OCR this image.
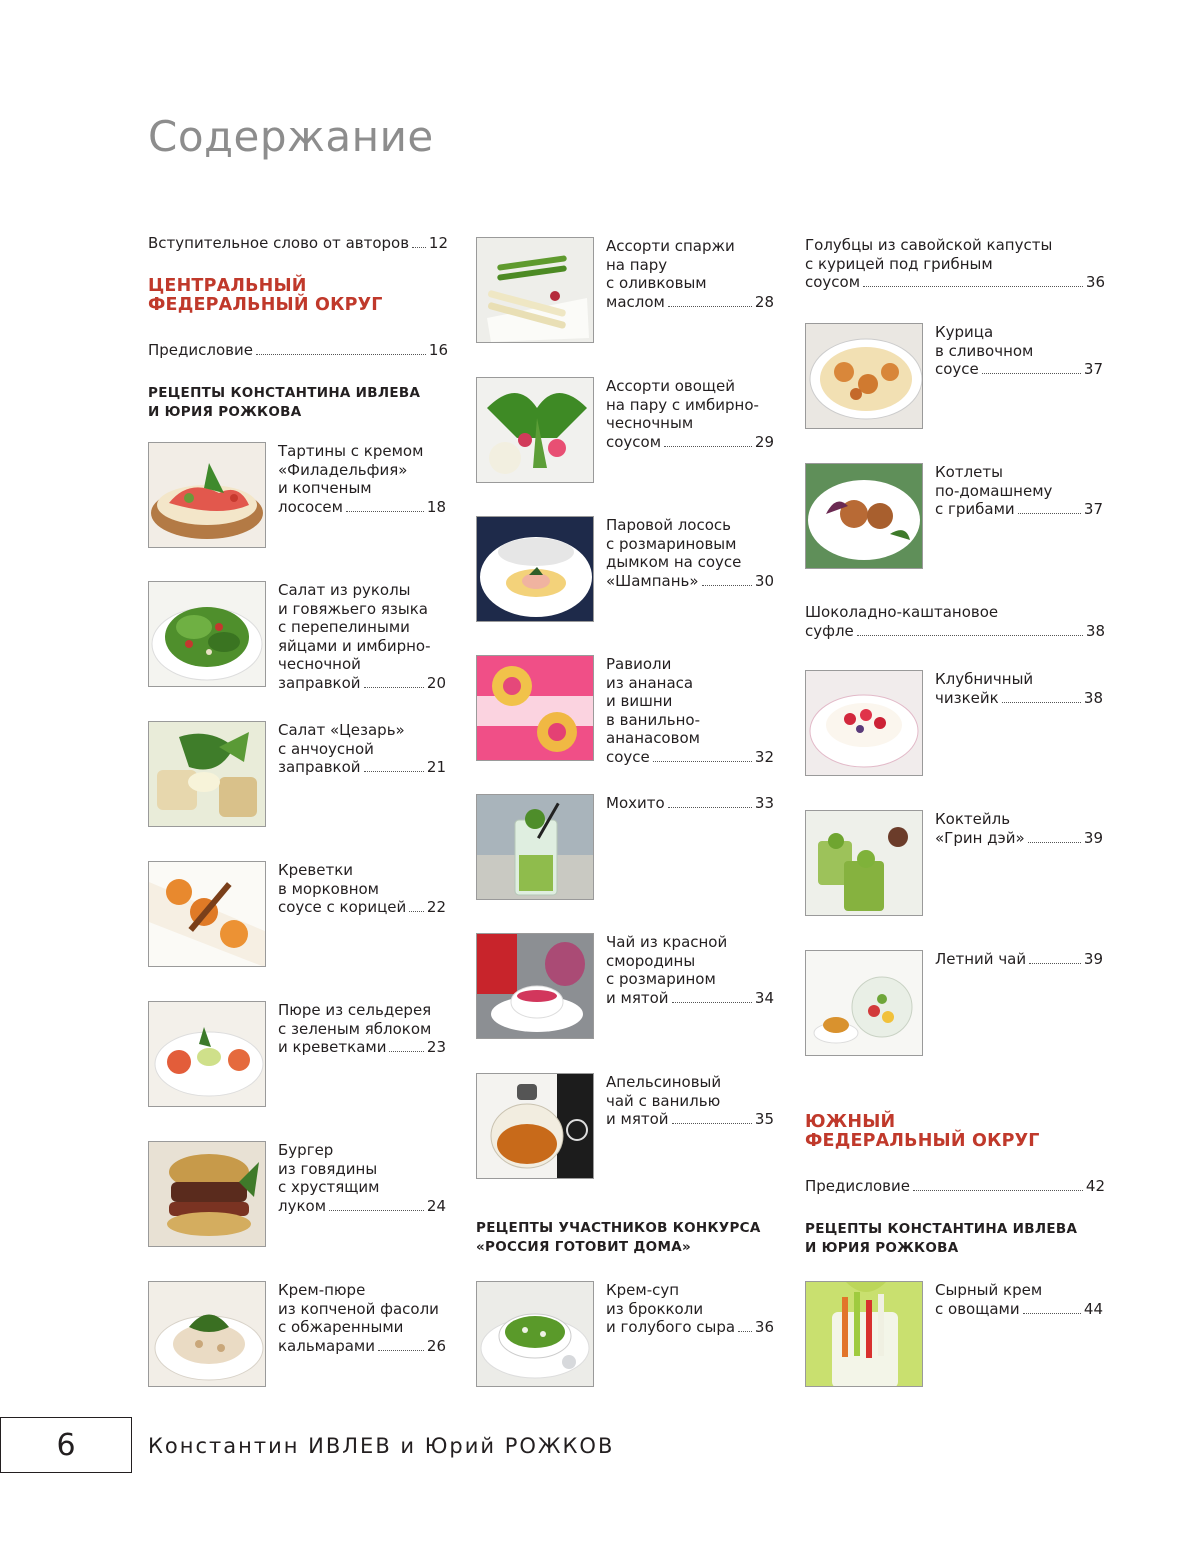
Содержание
Вступительное слово от авторов 12
ЦЕНТРАЛЬНЫЙ
ФЕДЕРАЛЬНЫЙ ОКРУГ
Предисловие	16
РЕЦЕПТЫ КОНСТАНТИНА ИВЛЕВА
И ЮРИЯ РОЖКОВА
Тартины с кремом
«Филадельфия»
и копченым
лососем	18
Салат из руколы
и говяжьего языка
с перепелиными
яйцами и имбирно-
чесночной
заправкой	20
Салат «Цезарь»
с анчоусной
заправкой	21
Креветки
в морковном
соусе с корицей 22
Пюре из сельдерея
с зеленым яблоком
и креветками	23
Бургер
из говядины
с хрустящим
луком	24
Крем-пюре
из копченой фасоли
с обжаренными
кальмарами	26
Ассорти спаржи
на пару
с оливковым
маслом	28
Ассорти овощей
на пару с имбирно-
чесночным
соусом	29
Паровой лосось
с розмариновым
дымком на соусе
«Шампань»	30
Равиоли
из ананаса
и вишни
в ванильно-
ананасовом
соусе	32
Мохито	33
Чай из красной
смородины
с розмарином
и мятой	34
Апельсиновый
чай с ванилью
и мятой	35
РЕЦЕПТЫ УЧАСТНИКОВ КОНКУРСА
«РОССИЯ ГОТОВИТ ДОМА»
Крем-суп
из брокколи
и голубого сыра 36
Голубцы из савойской капусты
с курицей под грибным
соусом	36
Курица
в сливочном
соусе	37
Котлеты
по-домашнему
с грибами	37
Шоколадно-каштановое
суфле	38
Клубничный
чизкейк	38
Коктейль
«Грин дэй»	39
Летний чай	39
ЮЖНЫЙ
ФЕДЕРАЛЬНЫЙ ОКРУГ
Предисловие	42
РЕЦЕПТЫ КОНСТАНТИНА ИВЛЕВА
И ЮРИЯ РОЖКОВА
Сырный крем
с овощами	44
6	Константин ИВЛЕВ и Юрий РОЖКОВ
